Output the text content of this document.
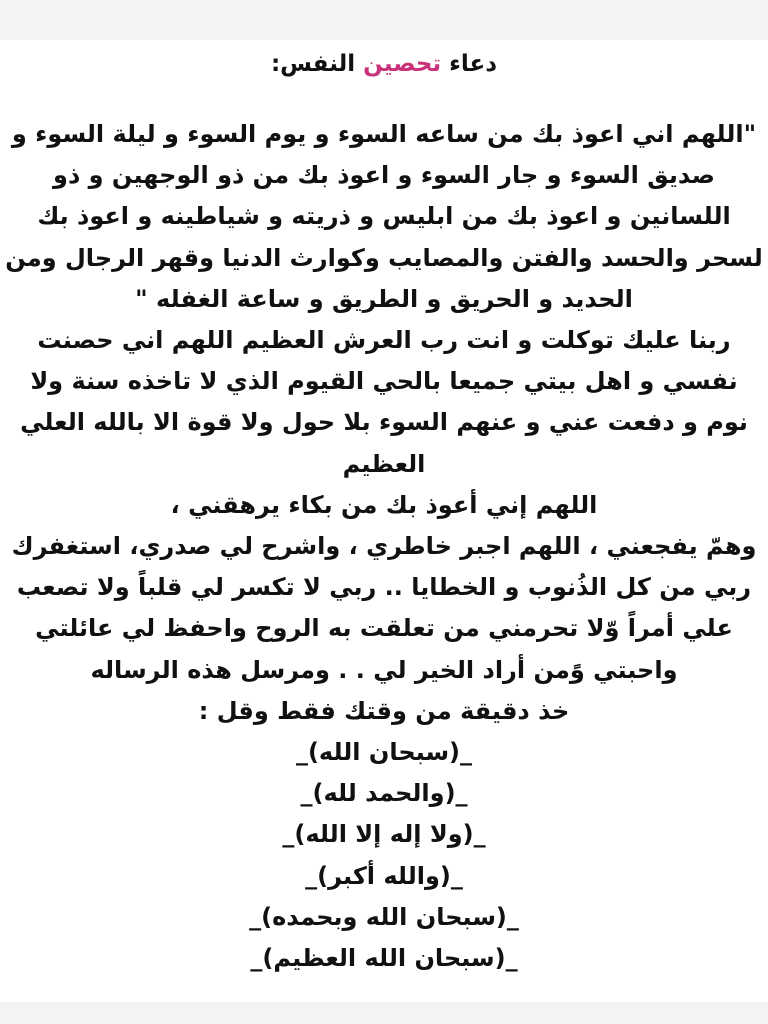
دعاء تحصين النفس:
"اللهم اني اعوذ بك من ساعه السوء و يوم السوء و ليلة السوء و
صديق السوء و جار السوء و اعوذ بك من ذو الوجهين و ذو
اللسانين و اعوذ بك من ابليس و ذريته و شياطينه و اعوذ بك
لسحر والحسد والفتن والمصايب وكوارث الدنيا وقهر الرجال ومن
الحديد و الحريق و الطريق و ساعة الغفله "
ربنا عليك توكلت و انت رب العرش العظيم اللهم اني حصنت
نفسي و اهل بيتي جميعا بالحي القيوم الذي لا تاخذه سنة ولا
نوم و دفعت عني و عنهم السوء بلا حول ولا قوة الا بالله العلي
العظيم
اللهم إني أعوذ بك من بكاء يرهقني ،
وهمّ يفجعني ، اللهم اجبر خاطري ، واشرح لي صدري، استغفرك
ربي من كل الذُنوب و الخطايا .. ربي لا تكسر لي قلباً ولا تصعب
علي أمراً وّلا تحرمني من تعلقت به الروح واحفظ لي عائلتي
واحبتي وًمن أراد الخير لي . . ومرسل هذه الرساله
خذ دقيقة من وقتك فقط وقل :
_(سبحان الله)_
_(والحمد لله)_
_(ولا إله إلا الله)_
_(والله أكبر)_
_(سبحان الله وبحمده)_
_(سبحان الله العظيم)_
